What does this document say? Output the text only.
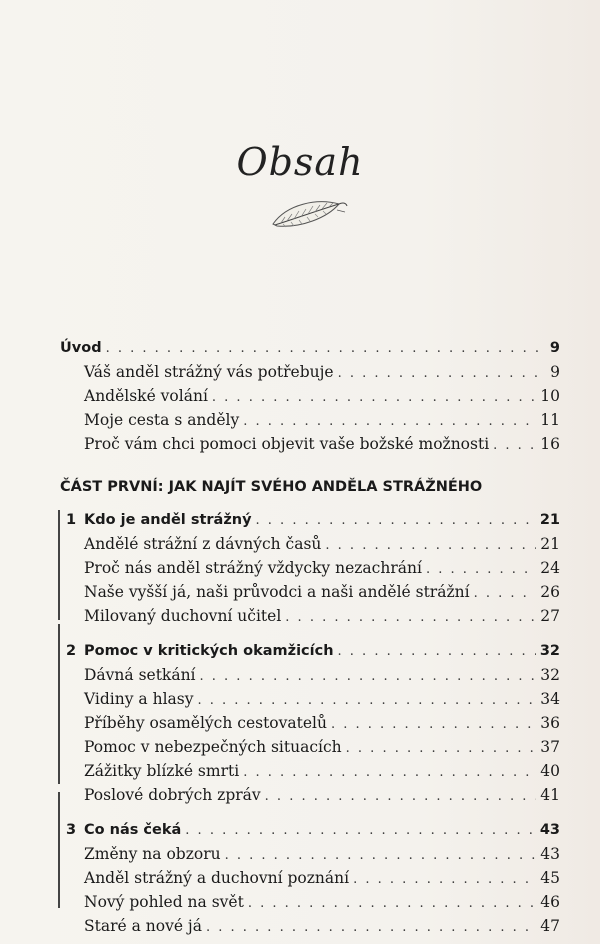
Obsah
Úvod . . .	9
Váš anděl strážný vás potřebuje . . .	9
Andělské volání . . .	10
Moje cesta s anděly . . .	11
Proč vám chci pomoci objevit vaše božské možnosti . . .	16
ČÁST PRVNÍ: JAK NAJÍT SVÉHO ANDĚLA STRÁŽNÉHO
1 Kdo je anděl strážný . . .	21
Andělé strážní z dávných časů . . .	21
Proč nás anděl strážný vždycky nezachrání . . .	24
Naše vyšší já, naši průvodci a naši andělé strážní . . .	26
Milovaný duchovní učitel . . .	27
2 Pomoc v kritických okamžicích . . .	32
Dávná setkání . . .	32
Vidiny a hlasy . . .	34
Příběhy osamělých cestovatelů . . .	36
Pomoc v nebezpečných situacích . . .	37
Zážitky blízké smrti . . .	40
Poslové dobrých zpráv . . .	41
3 Co nás čeká . . .	43
Změny na obzoru . . .	43
Anděl strážný a duchovní poznání . . .	45
Nový pohled na svět . . .	46
Staré a nové já . . .	47
